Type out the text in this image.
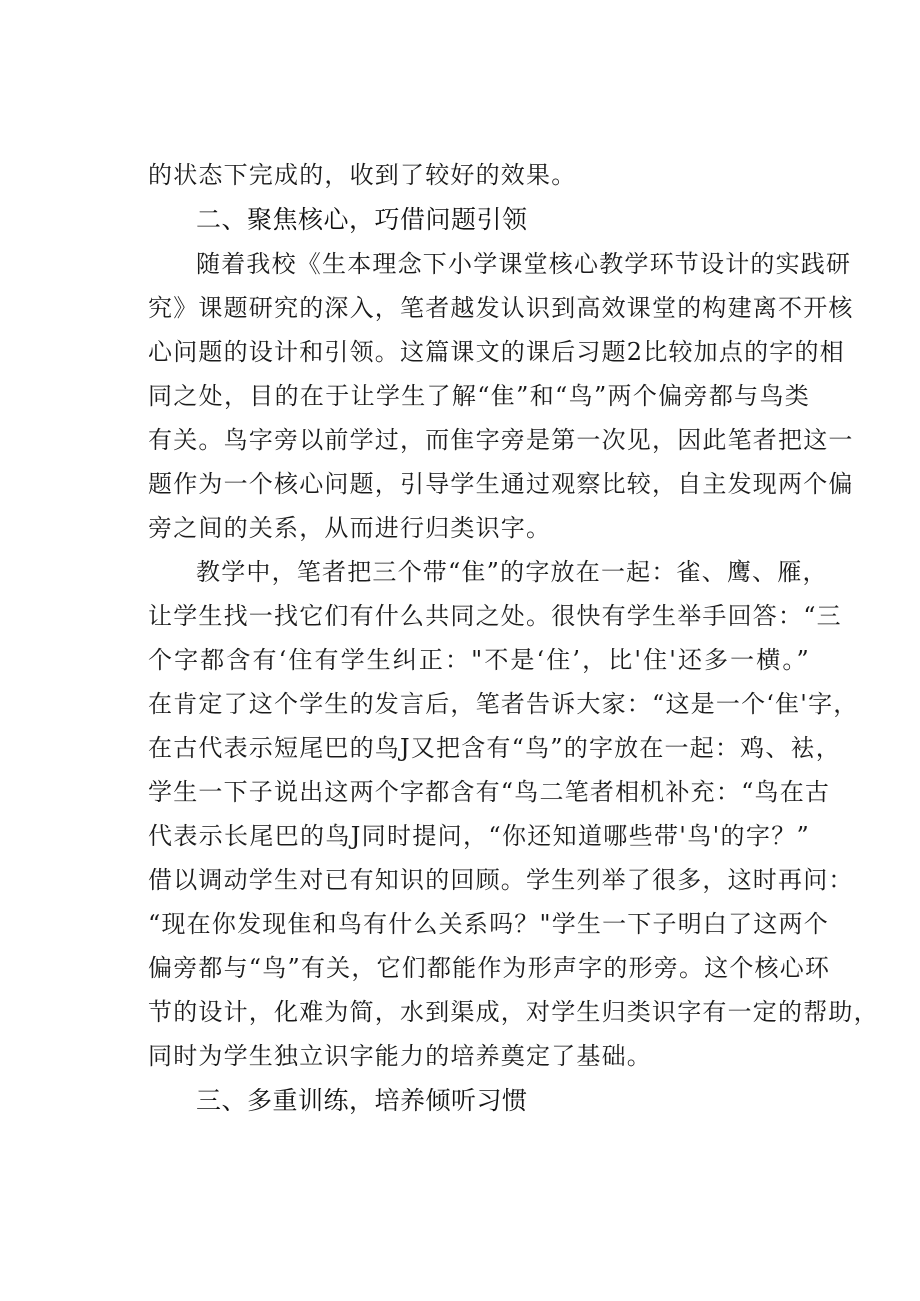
的状态下完成的，收到了较好的效果。
二、聚焦核心，巧借问题引领
随着我校《生本理念下小学课堂核心教学环节设计的实践研
究》课题研究的深入，笔者越发认识到高效课堂的构建离不开核
心问题的设计和引领。这篇课文的课后习题2比较加点的字的相
同之处，目的在于让学生了解“隹”和“鸟”两个偏旁都与鸟类
有关。鸟字旁以前学过，而隹字旁是第一次见，因此笔者把这一
题作为一个核心问题，引导学生通过观察比较，自主发现两个偏
旁之间的关系，从而进行归类识字。
教学中，笔者把三个带“隹”的字放在一起：雀、鹰、雁，
让学生找一找它们有什么共同之处。很快有学生举手回答：“三
个字都含有‘住有学生纠正："不是‘住’，比'住'还多一横。”
在肯定了这个学生的发言后，笔者告诉大家：“这是一个‘隹'字，
在古代表示短尾巴的鸟J又把含有“鸟”的字放在一起：鸡、袪，
学生一下子说出这两个字都含有“鸟二笔者相机补充：“鸟在古
代表示长尾巴的鸟J同时提问，“你还知道哪些带'鸟'的字？”
借以调动学生对已有知识的回顾。学生列举了很多，这时再问：
“现在你发现隹和鸟有什么关系吗？"学生一下子明白了这两个
偏旁都与“鸟”有关，它们都能作为形声字的形旁。这个核心环
节的设计，化难为简，水到渠成，对学生归类识字有一定的帮助，
同时为学生独立识字能力的培养奠定了基础。
三、多重训练，培养倾听习惯
